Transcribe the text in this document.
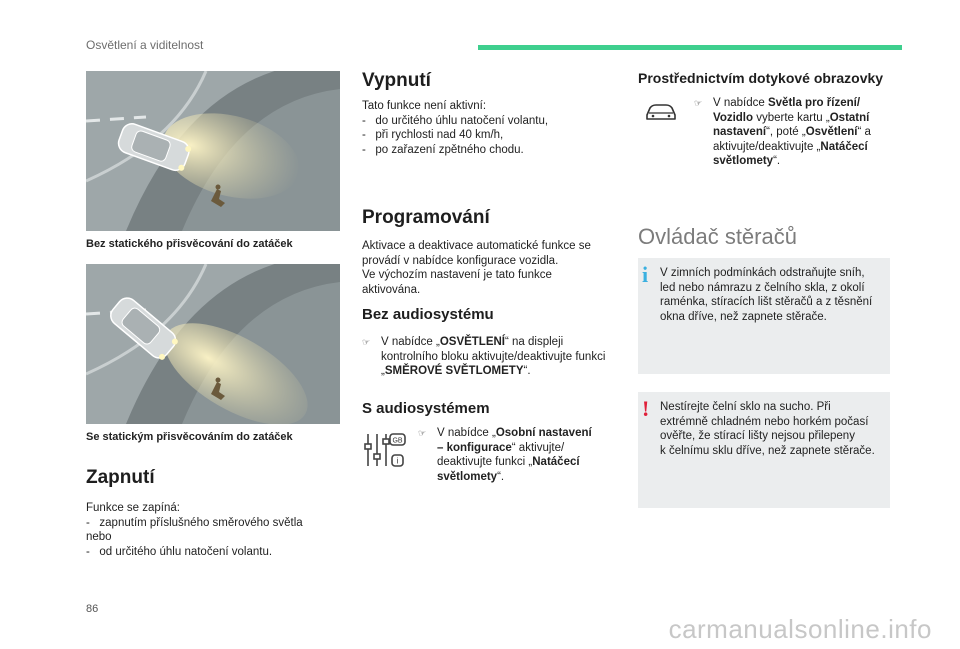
Osvětlení a viditelnost
Bez statického přisvěcování do zatáček
Se statickým přisvěcováním do zatáček
Zapnutí
Funkce se zapíná:
-   zapnutím příslušného směrového světla
nebo
-   od určitého úhlu natočení volantu.
Vypnutí
Tato funkce není aktivní:
-   do určitého úhlu natočení volantu,
-   při rychlosti nad 40 km/h,
-   po zařazení zpětného chodu.
Programování
Aktivace a deaktivace automatické funkce se
provádí v nabídce konfigurace vozidla.
Ve výchozím nastavení je tato funkce
aktivována.
Bez audiosystému
☞ V nabídce „OSVĚTLENÍ“ na displeji
kontrolního bloku aktivujte/deaktivujte funkci
„SMĚROVÉ SVĚTLOMETY“.
S audiosystémem
GB
i
☞ V nabídce „Osobní nastavení
– konfigurace“ aktivujte/
deaktivujte funkci „Natáčecí
světlomety“.
Prostřednictvím dotykové obrazovky
☞ V nabídce Světla pro řízení/
Vozidlo vyberte kartu „Ostatní
nastavení“, poté „Osvětlení“ a
aktivujte/deaktivujte „Natáčecí
světlomety“.
Ovládač stěračů
i V zimních podmínkách odstraňujte sníh,
led nebo námrazu z čelního skla, z okolí
raménka, stíracích lišt stěračů a z těsnění
okna dříve, než zapnete stěrače.
! Nestírejte čelní sklo na sucho. Při
extrémně chladném nebo horkém počasí
ověřte, že stírací lišty nejsou přilepeny
k čelnímu sklu dříve, než zapnete stěrače.
86
carmanualsonline.info
